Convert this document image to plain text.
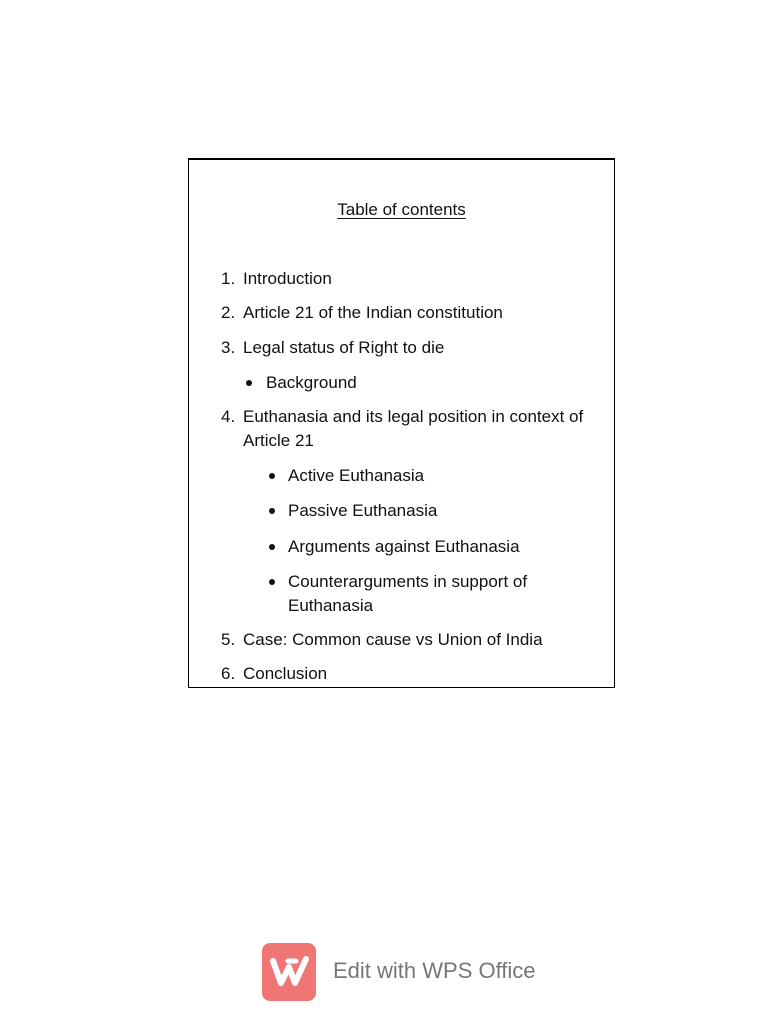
Table of contents
1. Introduction
2. Article 21 of the Indian constitution
3. Legal status of Right to die
Background
4. Euthanasia and its legal position in context of
Article 21
Active Euthanasia
Passive Euthanasia
Arguments against Euthanasia
Counterarguments in support of
Euthanasia
5. Case: Common cause vs Union of India
6. Conclusion
Edit with WPS Office
